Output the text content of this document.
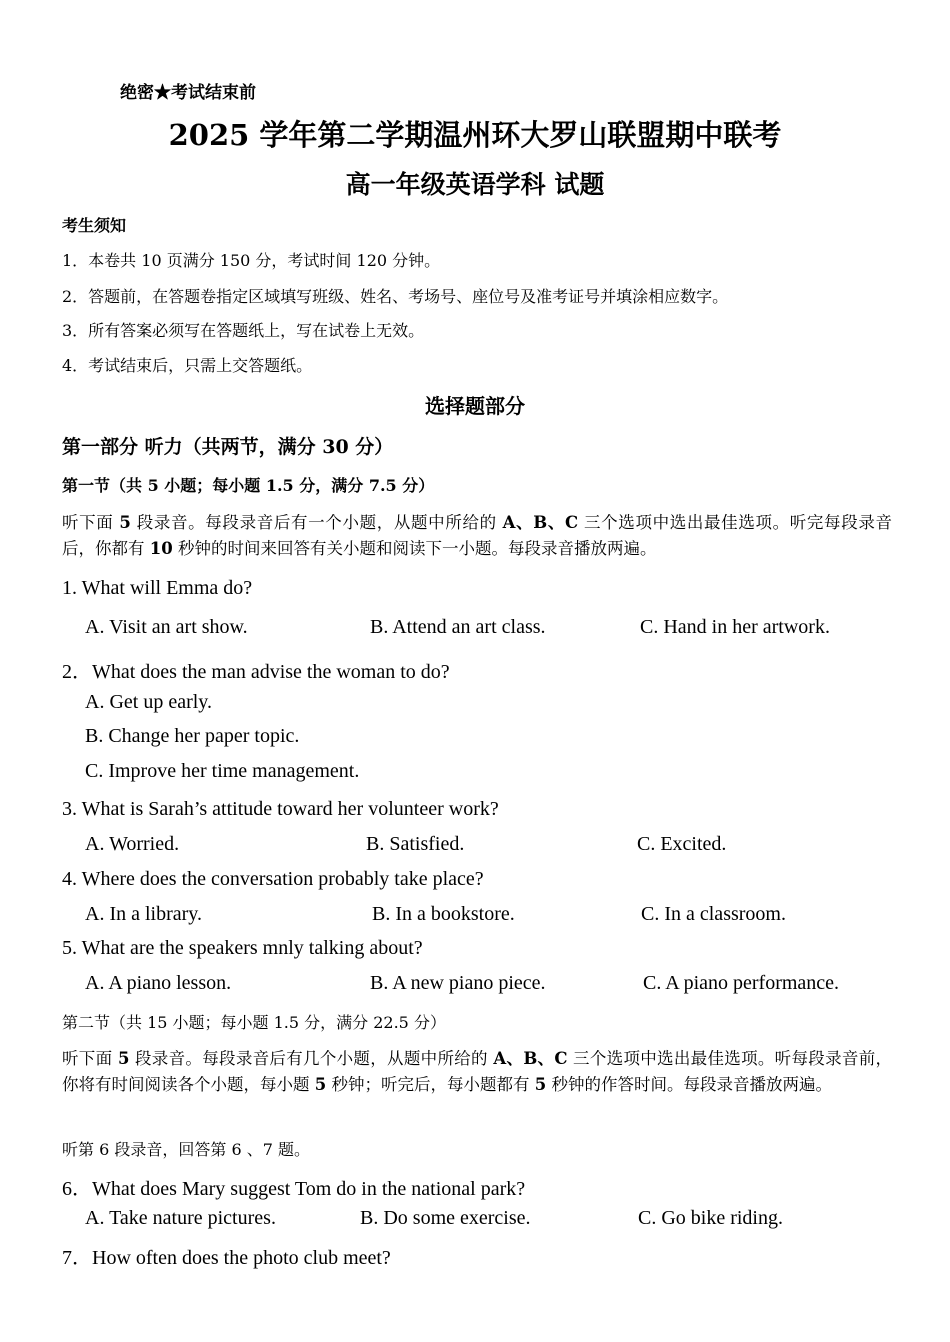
绝密★考试结束前
2025 学年第二学期温州环大罗山联盟期中联考
高一年级英语学科 试题
考生须知
1．本卷共 10 页满分 150 分，考试时间 120 分钟。
2．答题前，在答题卷指定区域填写班级、姓名、考场号、座位号及准考证号并填涂相应数字。
3．所有答案必须写在答题纸上，写在试卷上无效。
4．考试结束后，只需上交答题纸。
选择题部分
第一部分 听力（共两节，满分 30 分）
第一节（共 5 小题；每小题 1.5 分，满分 7.5 分）
听下面 5 段录音。每段录音后有一个小题，从题中所给的 A、B、C 三个选项中选出最佳选项。听完每段录音后，你都有 10 秒钟的时间来回答有关小题和阅读下一小题。每段录音播放两遍。
1. What will Emma do?
A. Visit an art show.	B. Attend an art class.	C. Hand in her artwork.
2．What does the man advise the woman to do?
A. Get up early.
B. Change her paper topic.
C. Improve her time management.
3. What is Sarah’s attitude toward her volunteer work?
A. Worried.	B. Satisfied.	C. Excited.
4. Where does the conversation probably take place?
A. In a library.	B. In a bookstore.	C. In a classroom.
5. What are the speakers mnly talking about?
A. A piano lesson.	B. A new piano piece.	C. A piano performance.
第二节（共 15 小题；每小题 1.5 分，满分 22.5 分）
听下面 5 段录音。每段录音后有几个小题，从题中所给的 A、B、C 三个选项中选出最佳选项。听每段录音前，你将有时间阅读各个小题，每小题 5 秒钟；听完后，每小题都有 5 秒钟的作答时间。每段录音播放两遍。
听第 6 段录音，回答第 6 、7 题。
6．What does Mary suggest Tom do in the national park?
A. Take nature pictures.	B. Do some exercise.	C. Go bike riding.
7．How often does the photo club meet?
